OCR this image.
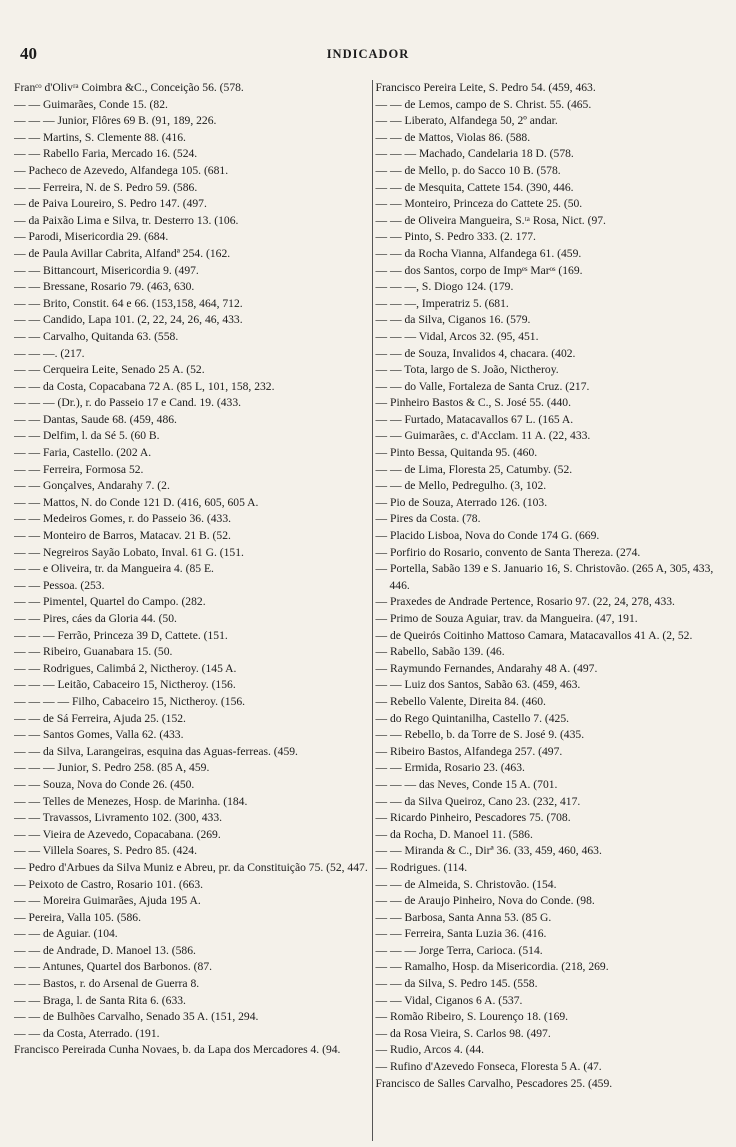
40	INDICADOR
Franᶜᵒ d'Olivʳᵃ Coimbra &C., Conceição 56. (578.
— — Guimarães, Conde 15. (82.
— — — Junior, Flôres 69 B. (91, 189, 226.
— — Martins, S. Clemente 88. (416.
— — Rabello Faria, Mercado 16. (524.
— Pacheco de Azevedo, Alfandega 105. (681.
— — Ferreira, N. de S. Pedro 59. (586.
— de Paiva Loureiro, S. Pedro 147. (497.
— da Paixão Lima e Silva, tr. Desterro 13. (106.
— Parodi, Misericordia 29. (684.
— de Paula Avillar Cabrita, Alfandª 254. (162.
— — Bittancourt, Misericordia 9. (497.
— — Bressane, Rosario 79. (463, 630.
— — Brito, Constit. 64 e 66. (153,158, 464, 712.
— — Candido, Lapa 101. (2, 22, 24, 26, 46, 433.
— — Carvalho, Quitanda 63. (558.
— — —. (217.
— — Cerqueira Leite, Senado 25 A. (52.
— — da Costa, Copacabana 72 A. (85 L, 101, 158, 232.
— — — (Dr.), r. do Passeio 17 e Cand. 19. (433.
— — Dantas, Saude 68. (459, 486.
— — Delfim, l. da Sé 5. (60 B.
— — Faria, Castello. (202 A.
— — Ferreira, Formosa 52.
— — Gonçalves, Andarahy 7. (2.
— — Mattos, N. do Conde 121 D. (416, 605, 605 A.
— — Medeiros Gomes, r. do Passeio 36. (433.
— — Monteiro de Barros, Matacav. 21 B. (52.
— — Negreiros Sayão Lobato, Inval. 61 G. (151.
— — e Oliveira, tr. da Mangueira 4. (85 E.
— — Pessoa. (253.
— — Pimentel, Quartel do Campo. (282.
— — Pires, cáes da Gloria 44. (50.
— — — Ferrão, Princeza 39 D, Cattete. (151.
— — Ribeiro, Guanabara 15. (50.
— — Rodrigues, Calimbá 2, Nictheroy. (145 A.
— — — Leitão, Cabaceiro 15, Nictheroy. (156.
— — — — Filho, Cabaceiro 15, Nictheroy. (156.
— — de Sá Ferreira, Ajuda 25. (152.
— — Santos Gomes, Valla 62. (433.
— — da Silva, Larangeiras, esquina das Aguas-ferreas. (459.
— — — Junior, S. Pedro 258. (85 A, 459.
— — Souza, Nova do Conde 26. (450.
— — Telles de Menezes, Hosp. de Marinha. (184.
— — Travassos, Livramento 102. (300, 433.
— — Vieira de Azevedo, Copacabana. (269.
— — Villela Soares, S. Pedro 85. (424.
— Pedro d'Arbues da Silva Muniz e Abreu, pr. da Constituição 75. (52, 447.
— Peixoto de Castro, Rosario 101. (663.
— — Moreira Guimarães, Ajuda 195 A.
— Pereira, Valla 105. (586.
— — de Aguiar. (104.
— — de Andrade, D. Manoel 13. (586.
— — Antunes, Quartel dos Barbonos. (87.
— — Bastos, r. do Arsenal de Guerra 8.
— — Braga, l. de Santa Rita 6. (633.
— — de Bulhões Carvalho, Senado 35 A. (151, 294.
— — da Costa, Aterrado. (191.
Francisco Pereirada Cunha Novaes, b. da Lapa dos Mercadores 4. (94.
Francisco Pereira Leite, S. Pedro 54. (459, 463.
— — de Lemos, campo de S. Christ. 55. (465.
— — Liberato, Alfandega 50, 2º andar.
— — de Mattos, Violas 86. (588.
— — — Machado, Candelaria 18 D. (578.
— — de Mello, p. do Sacco 10 B. (578.
— — de Mesquita, Cattete 154. (390, 446.
— — Monteiro, Princeza do Cattete 25. (50.
— — de Oliveira Mangueira, S.ᵗᵃ Rosa, Nict. (97.
— — Pinto, S. Pedro 333. (2. 177.
— — da Rocha Vianna, Alfandega 61. (459.
— — dos Santos, corpo de Impᵉˢ Marᵒˢ (169.
— — —, S. Diogo 124. (179.
— — —, Imperatriz 5. (681.
— — da Silva, Ciganos 16. (579.
— — — Vidal, Arcos 32. (95, 451.
— — de Souza, Invalidos 4, chacara. (402.
— — Tota, largo de S. João, Nictheroy.
— — do Valle, Fortaleza de Santa Cruz. (217.
— Pinheiro Bastos & C., S. José 55. (440.
— — Furtado, Matacavallos 67 L. (165 A.
— — Guimarães, c. d'Acclam. 11 A. (22, 433.
— Pinto Bessa, Quitanda 95. (460.
— — de Lima, Floresta 25, Catumby. (52.
— — de Mello, Pedregulho. (3, 102.
— Pio de Souza, Aterrado 126. (103.
— Pires da Costa. (78.
— Placido Lisboa, Nova do Conde 174 G. (669.
— Porfirio do Rosario, convento de Santa Thereza. (274.
— Portella, Sabão 139 e S. Januario 16, S. Christovão. (265 A, 305, 433, 446.
— Praxedes de Andrade Pertence, Rosario 97. (22, 24, 278, 433.
— Primo de Souza Aguiar, trav. da Mangueira. (47, 191.
— de Queirós Coitinho Mattoso Camara, Matacavallos 41 A. (2, 52.
— Rabello, Sabão 139. (46.
— Raymundo Fernandes, Andarahy 48 A. (497.
— — Luiz dos Santos, Sabão 63. (459, 463.
— Rebello Valente, Direita 84. (460.
— do Rego Quintanilha, Castello 7. (425.
— — Rebello, b. da Torre de S. José 9. (435.
— Ribeiro Bastos, Alfandega 257. (497.
— — Ermida, Rosario 23. (463.
— — — das Neves, Conde 15 A. (701.
— — da Silva Queiroz, Cano 23. (232, 417.
— Ricardo Pinheiro, Pescadores 75. (708.
— da Rocha, D. Manoel 11. (586.
— — Miranda & C., Dirª 36. (33, 459, 460, 463.
— Rodrigues. (114.
— — de Almeida, S. Christovão. (154.
— — de Araujo Pinheiro, Nova do Conde. (98.
— — Barbosa, Santa Anna 53. (85 G.
— — Ferreira, Santa Luzia 36. (416.
— — — Jorge Terra, Carioca. (514.
— — Ramalho, Hosp. da Misericordia. (218, 269.
— — da Silva, S. Pedro 145. (558.
— — Vidal, Ciganos 6 A. (537.
— Romão Ribeiro, S. Lourenço 18. (169.
— da Rosa Vieira, S. Carlos 98. (497.
— Rudio, Arcos 4. (44.
— Rufino d'Azevedo Fonseca, Floresta 5 A. (47.
Francisco de Salles Carvalho, Pescadores 25. (459.
